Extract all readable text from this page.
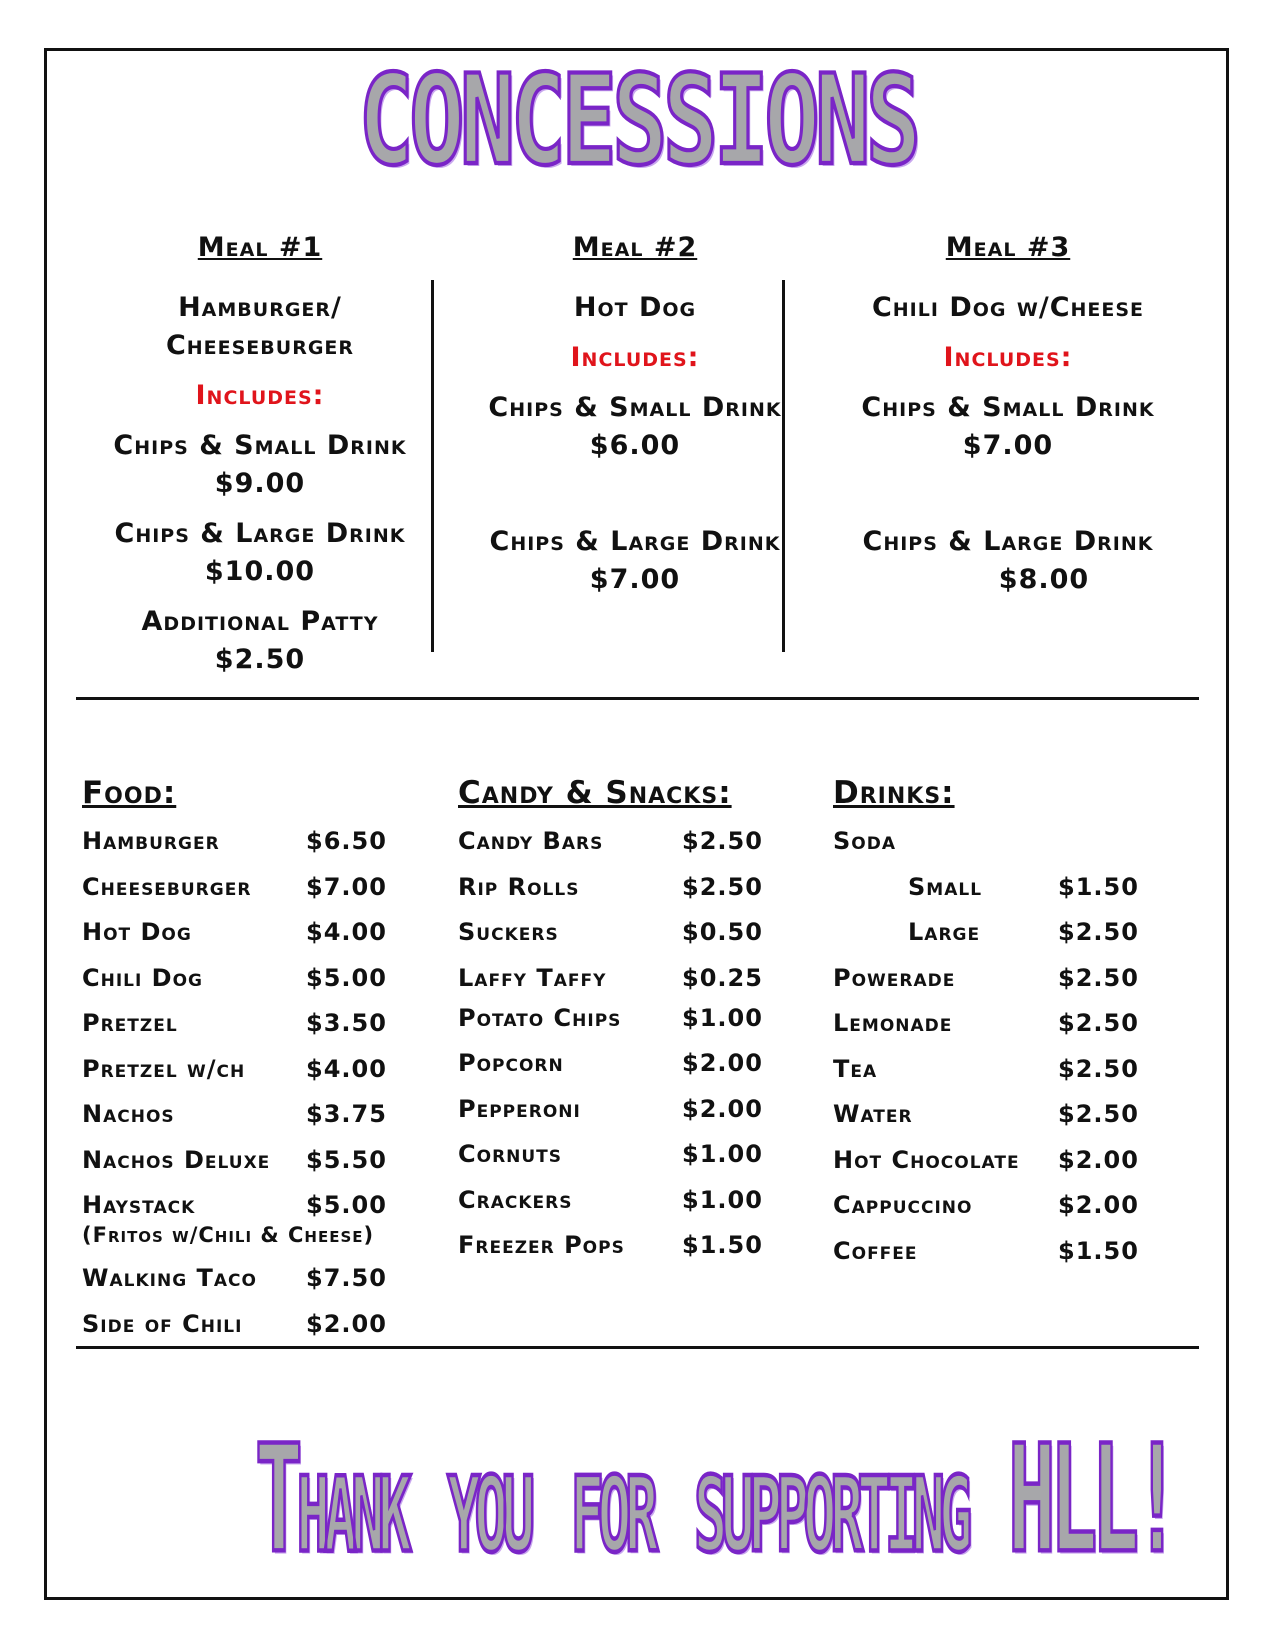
CONCESSIONS
Meal #1
Hamburger/
Cheeseburger
Includes:
Chips & Small Drink
$9.00
Chips & Large Drink
$10.00
Additional Patty
$2.50
Meal #2
Hot Dog
Includes:
Chips & Small Drink
$6.00
Chips & Large Drink
$7.00
Meal #3
Chili Dog w/Cheese
Includes:
Chips & Small Drink
$7.00
Chips & Large Drink
$8.00
Food:
Hamburger	$6.50
Cheeseburger $7.00
Hot Dog	$4.00
Chili Dog	$5.00
Pretzel	$3.50
Pretzel w/ch	$4.00
Nachos	$3.75
Nachos Deluxe $5.50
Haystack	$5.00
(Fritos w/Chili & Cheese)
Walking Taco $7.50
Side of Chili	$2.00
Candy & Snacks:
Candy Bars	$2.50
Rip Rolls	$2.50
Suckers	$0.50
Laffy Taffy	$0.25
Potato Chips	$1.00
Popcorn	$2.00
Pepperoni	$2.00
Cornuts	$1.00
Crackers	$1.00
Freezer Pops $1.50
Drinks:
Soda
Small	$1.50
Large	$2.50
Powerade	$2.50
Lemonade	$2.50
Tea	$2.50
Water	$2.50
Hot Chocolate $2.00
Cappuccino	$2.00
Coffee	$1.50
Thank you for supporting HLL!
